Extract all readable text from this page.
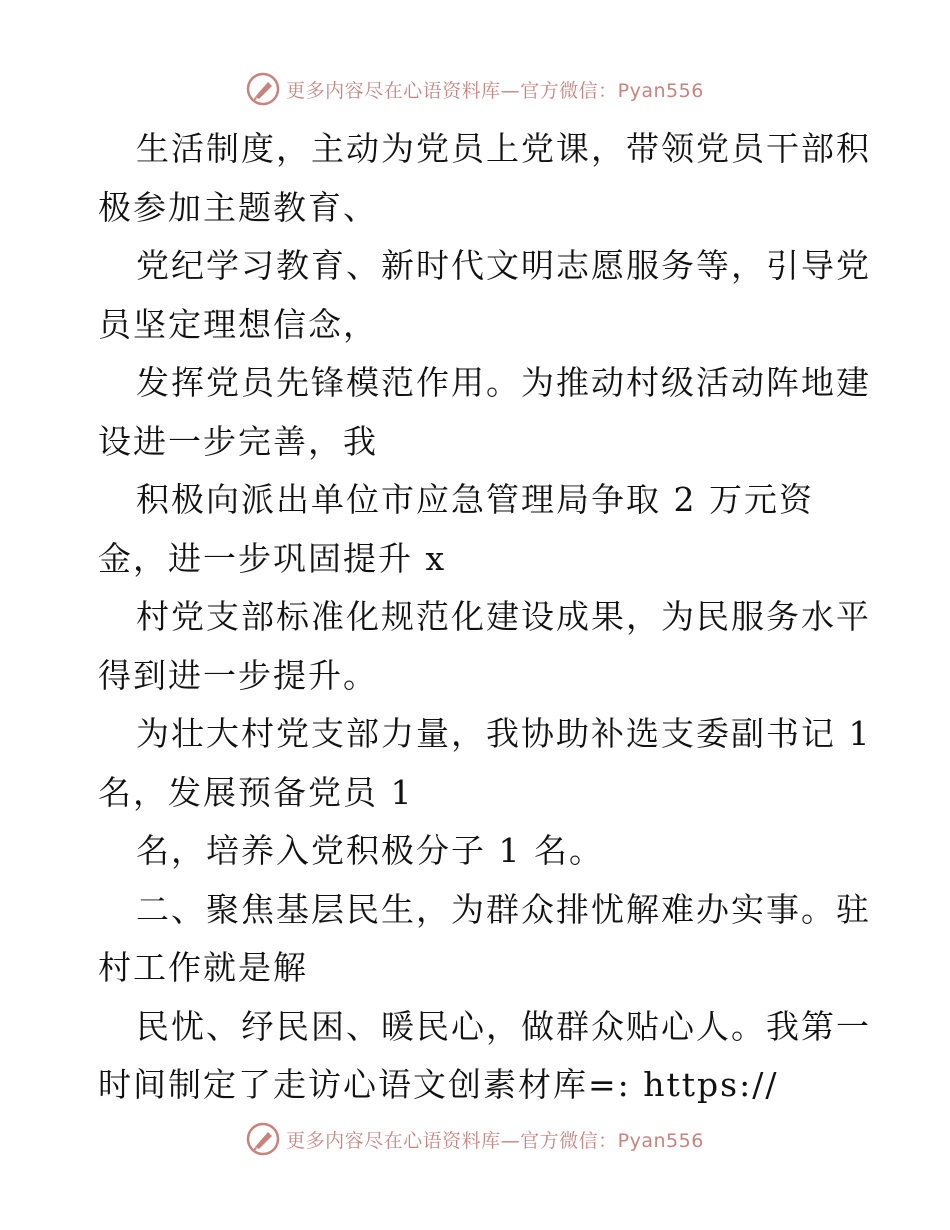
更多内容尽在心语资料库—官方微信：Pyan556
生活制度，主动为党员上党课，带领党员干部积
极参加主题教育、
党纪学习教育、新时代文明志愿服务等，引导党
员坚定理想信念，
发挥党员先锋模范作用。为推动村级活动阵地建
设进一步完善，我
积极向派出单位市应急管理局争取 2 万元资
金，进一步巩固提升 x
村党支部标准化规范化建设成果，为民服务水平
得到进一步提升。
为壮大村党支部力量，我协助补选支委副书记 1
名，发展预备党员 1
名，培养入党积极分子 1 名。
二、聚焦基层民生，为群众排忧解难办实事。驻
村工作就是解
民忧、纾民困、暖民心，做群众贴心人。我第一
时间制定了走访心语文创素材库=: https://
更多内容尽在心语资料库—官方微信：Pyan556
